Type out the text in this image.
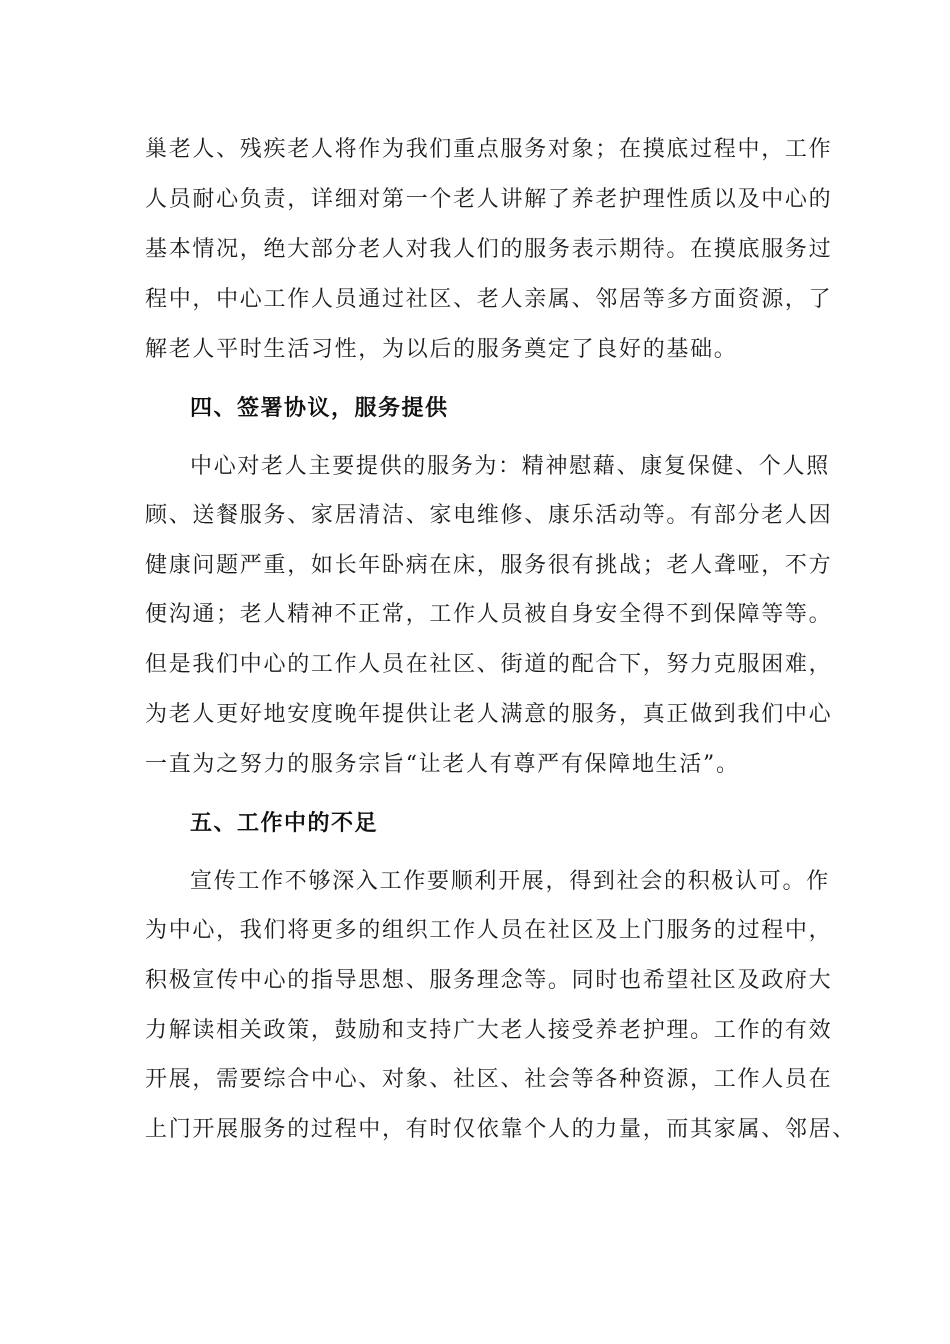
巢老人、残疾老人将作为我们重点服务对象；在摸底过程中，工作
人员耐心负责，详细对第一个老人讲解了养老护理性质以及中心的
基本情况，绝大部分老人对我人们的服务表示期待。在摸底服务过
程中，中心工作人员通过社区、老人亲属、邻居等多方面资源，了
解老人平时生活习性，为以后的服务奠定了良好的基础。
四、签署协议，服务提供
中心对老人主要提供的服务为：精神慰藉、康复保健、个人照
顾、送餐服务、家居清洁、家电维修、康乐活动等。有部分老人因
健康问题严重，如长年卧病在床，服务很有挑战；老人聋哑，不方
便沟通；老人精神不正常，工作人员被自身安全得不到保障等等。
但是我们中心的工作人员在社区、街道的配合下，努力克服困难，
为老人更好地安度晚年提供让老人满意的服务，真正做到我们中心
一直为之努力的服务宗旨“让老人有尊严有保障地生活”。
五、工作中的不足
宣传工作不够深入工作要顺利开展，得到社会的积极认可。作
为中心，我们将更多的组织工作人员在社区及上门服务的过程中，
积极宣传中心的指导思想、服务理念等。同时也希望社区及政府大
力解读相关政策，鼓励和支持广大老人接受养老护理。工作的有效
开展，需要综合中心、对象、社区、社会等各种资源，工作人员在
上门开展服务的过程中，有时仅依靠个人的力量，而其家属、邻居、
